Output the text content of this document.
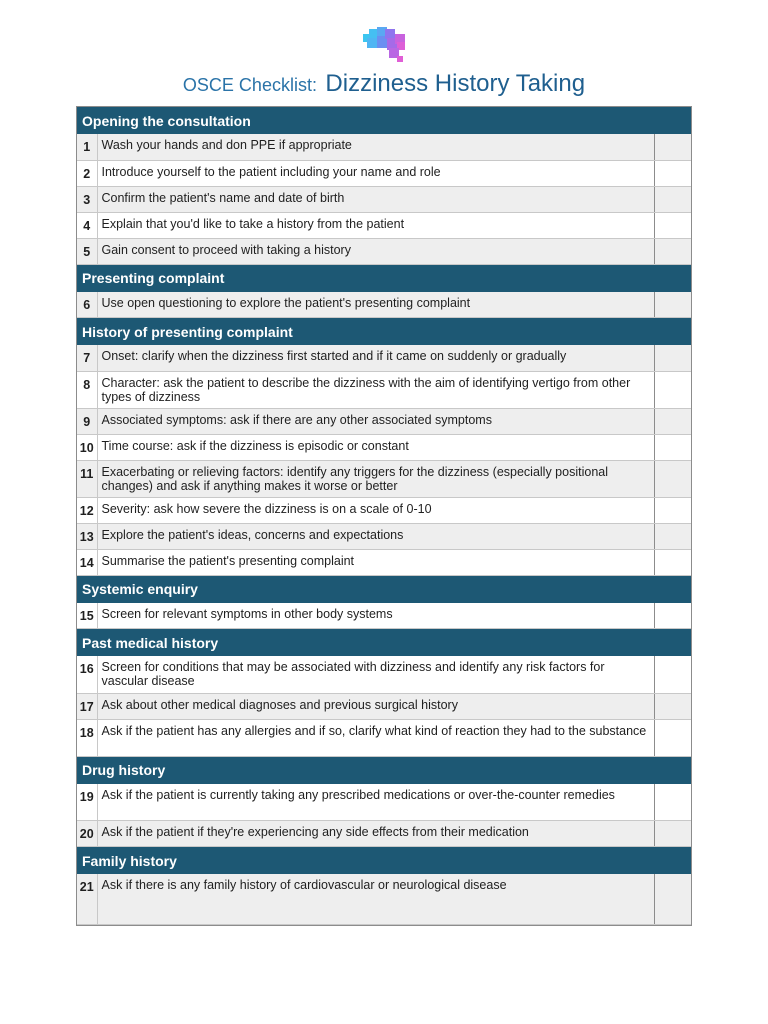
OSCE Checklist: Dizziness History Taking
Opening the consultation		
1	Wash your hands and don PPE if appropriate	
2	Introduce yourself to the patient including your name and role	
3	Confirm the patient's name and date of birth	
4	Explain that you'd like to take a history from the patient	
5	Gain consent to proceed with taking a history	
Presenting complaint		
6	Use open questioning to explore the patient's presenting complaint	
History of presenting complaint		
7	Onset: clarify when the dizziness first started and if it came on suddenly or gradually	
8	Character: ask the patient to describe the dizziness with the aim of identifying vertigo from other types of dizziness	
9	Associated symptoms: ask if there are any other associated symptoms	
10	Time course: ask if the dizziness is episodic or constant	
11	Exacerbating or relieving factors: identify any triggers for the dizziness (especially positional changes) and ask if anything makes it worse or better	
12	Severity: ask how severe the dizziness is on a scale of 0-10	
13	Explore the patient's ideas, concerns and expectations	
14	Summarise the patient's presenting complaint	
Systemic enquiry		
15	Screen for relevant symptoms in other body systems	
Past medical history		
16	Screen for conditions that may be associated with dizziness and identify any risk factors for vascular disease	
17	Ask about other medical diagnoses and previous surgical history	
18	Ask if the patient has any allergies and if so, clarify what kind of reaction they had to the substance	
Drug history		
19	Ask if the patient is currently taking any prescribed medications or over-the-counter remedies	
20	Ask if the patient if they're experiencing any side effects from their medication	
Family history		
21	Ask if there is any family history of cardiovascular or neurological disease	
